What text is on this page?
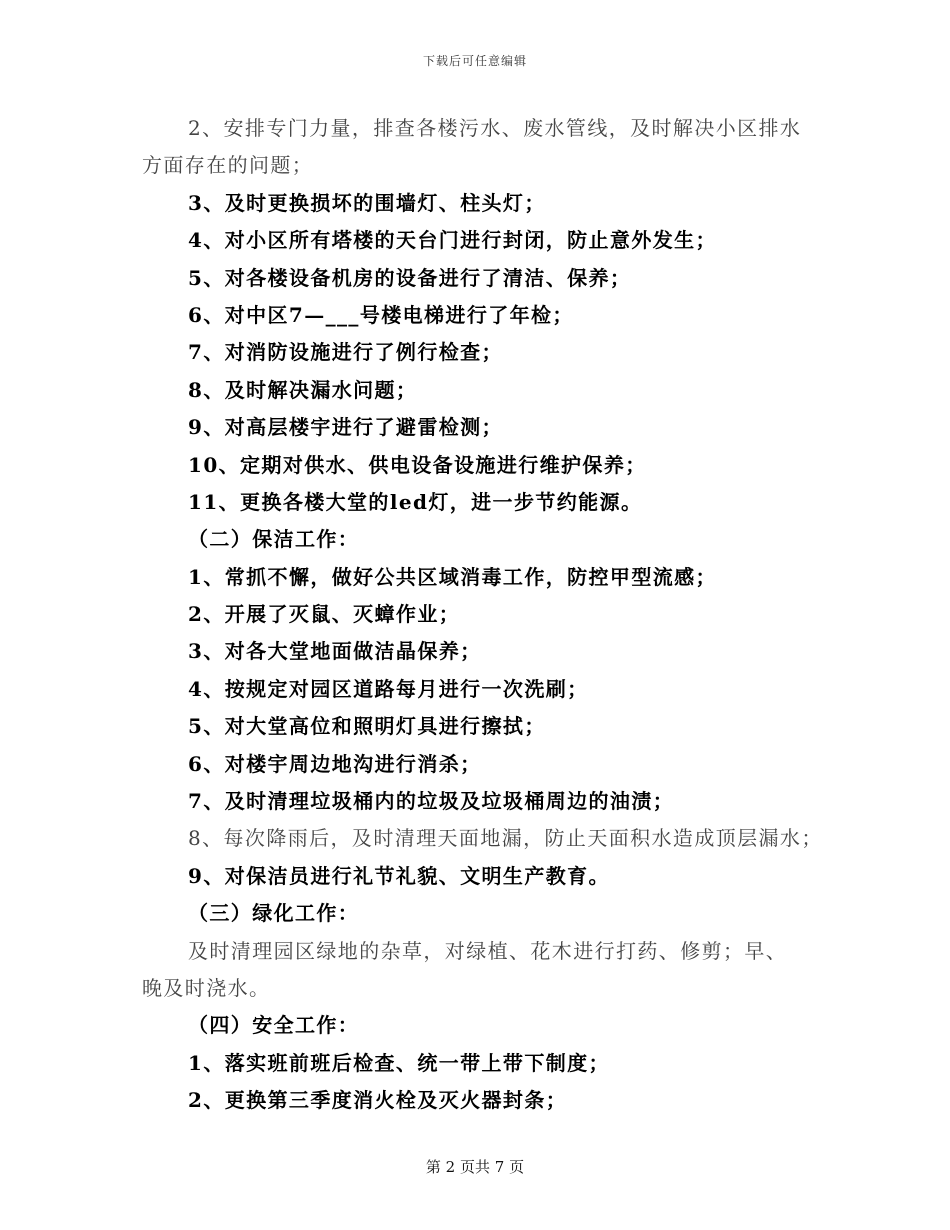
下载后可任意编辑
2、安排专门力量，排查各楼污水、废水管线，及时解决小区排水
方面存在的问题；
3、及时更换损坏的围墙灯、柱头灯；
4、对小区所有塔楼的天台门进行封闭，防止意外发生；
5、对各楼设备机房的设备进行了清洁、保养；
6、对中区7—___号楼电梯进行了年检；
7、对消防设施进行了例行检查；
8、及时解决漏水问题；
9、对高层楼宇进行了避雷检测；
10、定期对供水、供电设备设施进行维护保养；
11、更换各楼大堂的led灯，进一步节约能源。
（二）保洁工作：
1、常抓不懈，做好公共区域消毒工作，防控甲型流感；
2、开展了灭鼠、灭蟑作业；
3、对各大堂地面做洁晶保养；
4、按规定对园区道路每月进行一次洗刷；
5、对大堂高位和照明灯具进行擦拭；
6、对楼宇周边地沟进行消杀；
7、及时清理垃圾桶内的垃圾及垃圾桶周边的油渍；
8、每次降雨后，及时清理天面地漏，防止天面积水造成顶层漏水；
9、对保洁员进行礼节礼貌、文明生产教育。
（三）绿化工作：
及时清理园区绿地的杂草，对绿植、花木进行打药、修剪；早、
晚及时浇水。
（四）安全工作：
1、落实班前班后检查、统一带上带下制度；
2、更换第三季度消火栓及灭火器封条；
第 2 页共 7 页
